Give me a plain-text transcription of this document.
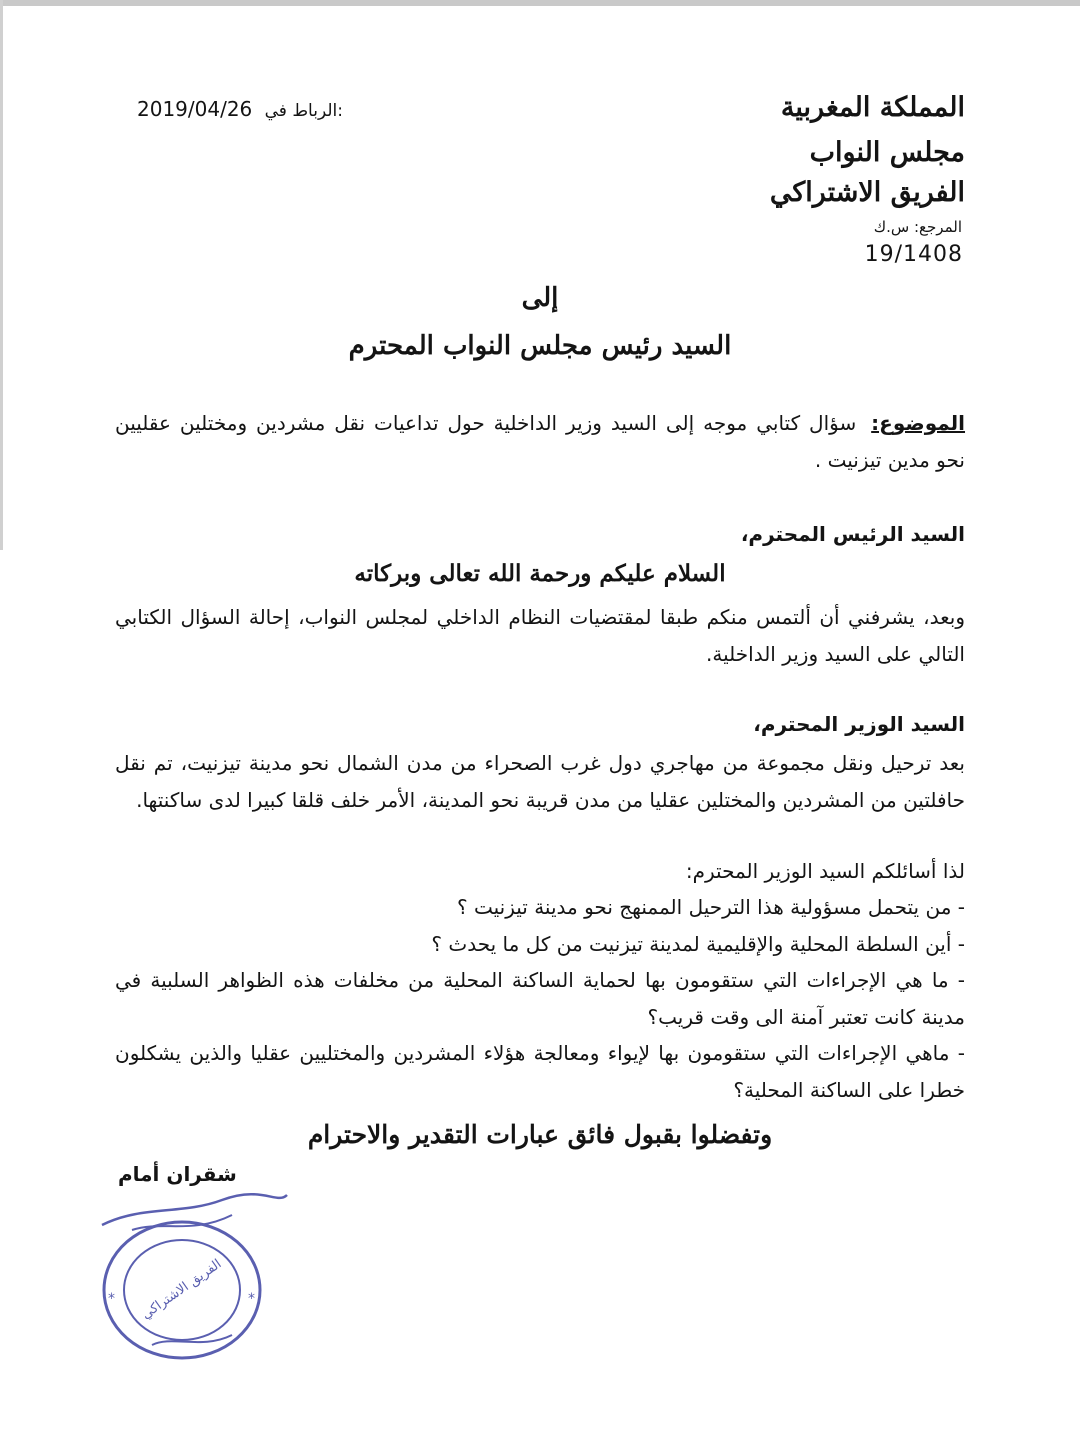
المملكة المغربية
مجلس النواب
الفريق الاشتراكي
المرجع: س.ك
19/1408
2019/04/26 الرباط في:
إلى
السيد رئيس مجلس النواب المحترم
الموضوع: سؤال كتابي موجه إلى السيد وزير الداخلية حول تداعيات نقل مشردين ومختلين عقليين نحو مدين تيزنيت .
السيد الرئيس المحترم،
السلام عليكم ورحمة الله تعالى وبركاته
وبعد، يشرفني أن ألتمس منكم طبقا لمقتضيات النظام الداخلي لمجلس النواب، إحالة السؤال الكتابي التالي على السيد وزير الداخلية.
السيد الوزير المحترم،
بعد ترحيل ونقل مجموعة من مهاجري دول غرب الصحراء من مدن الشمال نحو مدينة تيزنيت، تم نقل حافلتين من المشردين والمختلين عقليا من مدن قريبة نحو المدينة، الأمر خلف قلقا كبيرا لدى ساكنتها.
لذا أسائلكم السيد الوزير المحترم:
- من يتحمل مسؤولية هذا الترحيل الممنهج نحو مدينة تيزنيت ؟
- أين السلطة المحلية والإقليمية لمدينة تيزنيت من كل ما يحدث ؟
- ما هي الإجراءات التي ستقومون بها لحماية الساكنة المحلية من مخلفات هذه الظواهر السلبية في مدينة كانت تعتبر آمنة الى وقت قريب؟
- ماهي الإجراءات التي ستقومون بها لإيواء ومعالجة هؤلاء المشردين والمختليين عقليا والذين يشكلون خطرا على الساكنة المحلية؟
وتفضلوا بقبول فائق عبارات التقدير والاحترام
شقران أمام
الفريق الاشتراكي
*	*
